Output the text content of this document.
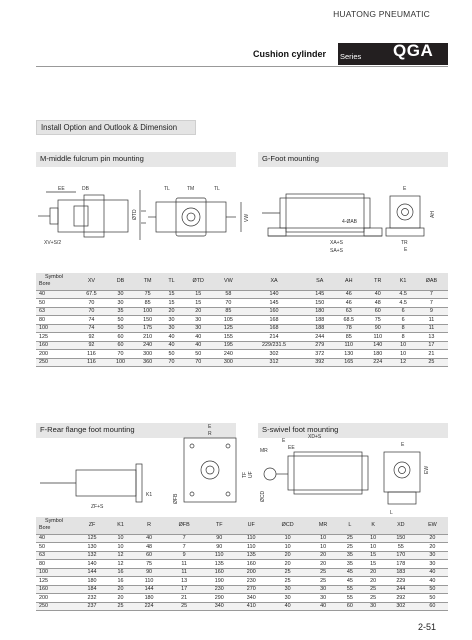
HUATONG PNEUMATIC
Cushion cylinder Series QGA
Install Option and Outlook & Dimension
M-middle fulcrum pin mounting	G-Foot mounting
EE	DB	TL	TM	TL
ØTD	VW
XV+S/2
E
4-ØAB
XA+S
SA+S
TR
E
AH
Symbol
Bore	XV	DB	TM	TL	ØTD	VW	XA	SA	AH	TR	K1	ØAB
40	67.5	30	75	15	15	58	140	145	46	40	4.5	7
50	70	30	85	15	15	70	145	150	46	48	4.5	7
63	70	35	100	20	20	85	160	180	63	60	6	9
80	74	50	150	30	30	105	168	188	68.5	75	6	11
100	74	50	175	30	30	125	168	188	78	90	8	11
125	92	60	210	40	40	155	214	244	85	110	8	13
160	92	60	240	40	40	195	229/231.5	279	110	140	10	17
200	116	70	300	50	50	240	302	372	130	180	10	21
250	116	100	360	70	70	300	312	392	165	224	12	25
F-Rear flange foot mounting	S-swivel foot mounting
E
R
ØFB
TF UF
K1
ZF+S
XD+S
EE
E
ØCD
MR
L
EW
E
Symbol
Bore	ZF	K1	R	ØFB	TF	UF	ØCD	MR	L	K	XD	EW
40	125	10	40	7	90	110	10	10	25	10	150	20
50	130	10	48	7	90	110	10	10	25	10	55	20
63	132	12	60	9	110	135	20	20	35	15	170	30
80	140	12	75	11	135	160	20	20	35	15	178	30
100	144	16	90	11	160	200	25	25	45	20	183	40
125	180	16	110	13	190	230	25	25	45	20	229	40
160	184	20	144	17	230	270	30	30	55	25	244	50
200	232	20	180	21	290	340	30	30	55	25	292	50
250	237	25	224	25	340	410	40	40	60	30	302	60
2-51
